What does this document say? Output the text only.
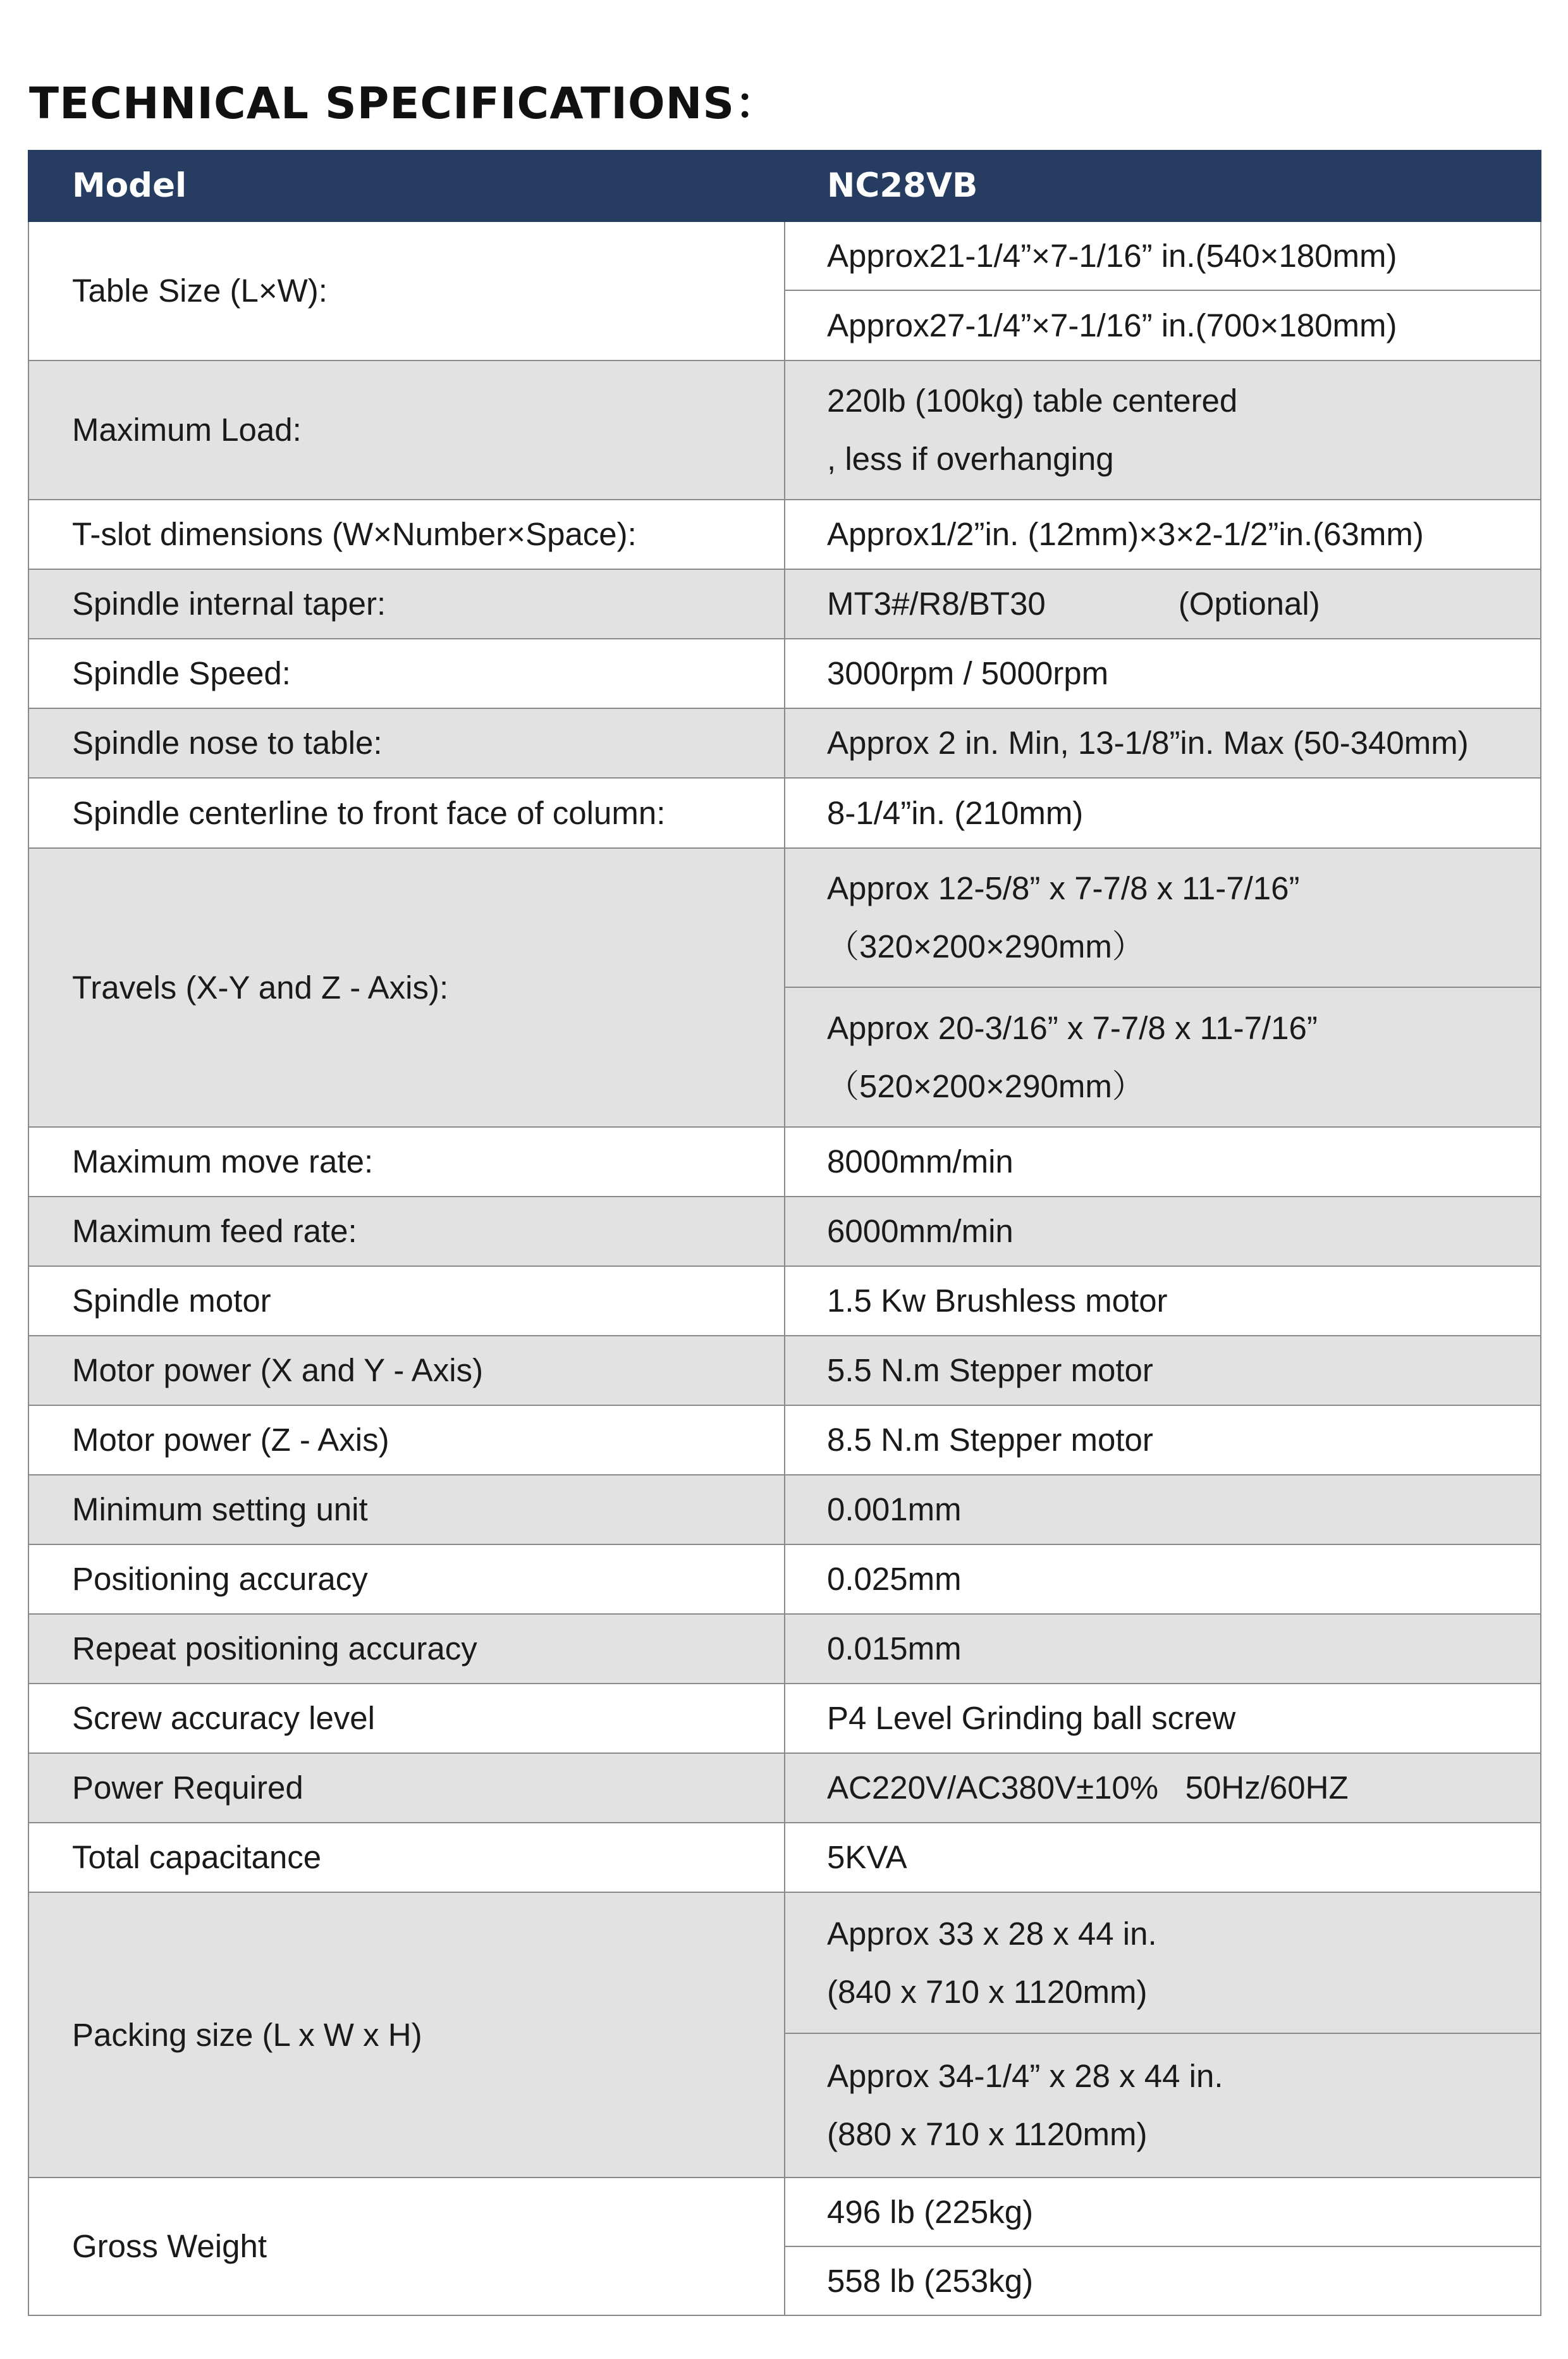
TECHNICAL SPECIFICATIONS：
Model	NC28VB
Table Size (L×W):	Approx21-1/4”×7-1/16” in.(540×180mm)
	Approx27-1/4”×7-1/16” in.(700×180mm)
Maximum Load:	220lb (100kg) table centered
, less if overhanging

T-slot dimensions (W×Number×Space):	Approx1/2”in. (12mm)×3×2-1/2”in.(63mm)
Spindle internal taper:	MT3#/R8/BT30 (Optional)
Spindle Speed:	3000rpm / 5000rpm
Spindle nose to table:	Approx 2 in. Min, 13-1/8”in. Max (50-340mm)
Spindle centerline to front face of column:	8-1/4”in. (210mm)
Travels (X-Y and Z - Axis):	Approx 12-5/8” x 7-7/8 x 11-7/16”
（320×200×290mm）

	Approx 20-3/16” x 7-7/8 x 11-7/16”
（520×200×290mm）

Maximum move rate:	8000mm/min
Maximum feed rate:	6000mm/min
Spindle motor	1.5 Kw Brushless motor
Motor power (X and Y - Axis)	5.5 N.m Stepper motor
Motor power (Z - Axis)	8.5 N.m Stepper motor
Minimum setting unit	0.001mm
Positioning accuracy	0.025mm
Repeat positioning accuracy	0.015mm
Screw accuracy level	P4 Level Grinding ball screw
Power Required	AC220V/AC380V±10%   50Hz/60HZ
Total capacitance	5KVA
Packing size (L x W x H)	Approx 33 x 28 x 44 in.
(840 x 710 x 1120mm)

	Approx 34-1/4” x 28 x 44 in.
(880 x 710 x 1120mm)

Gross Weight	496 lb (225kg)
	558 lb (253kg)
